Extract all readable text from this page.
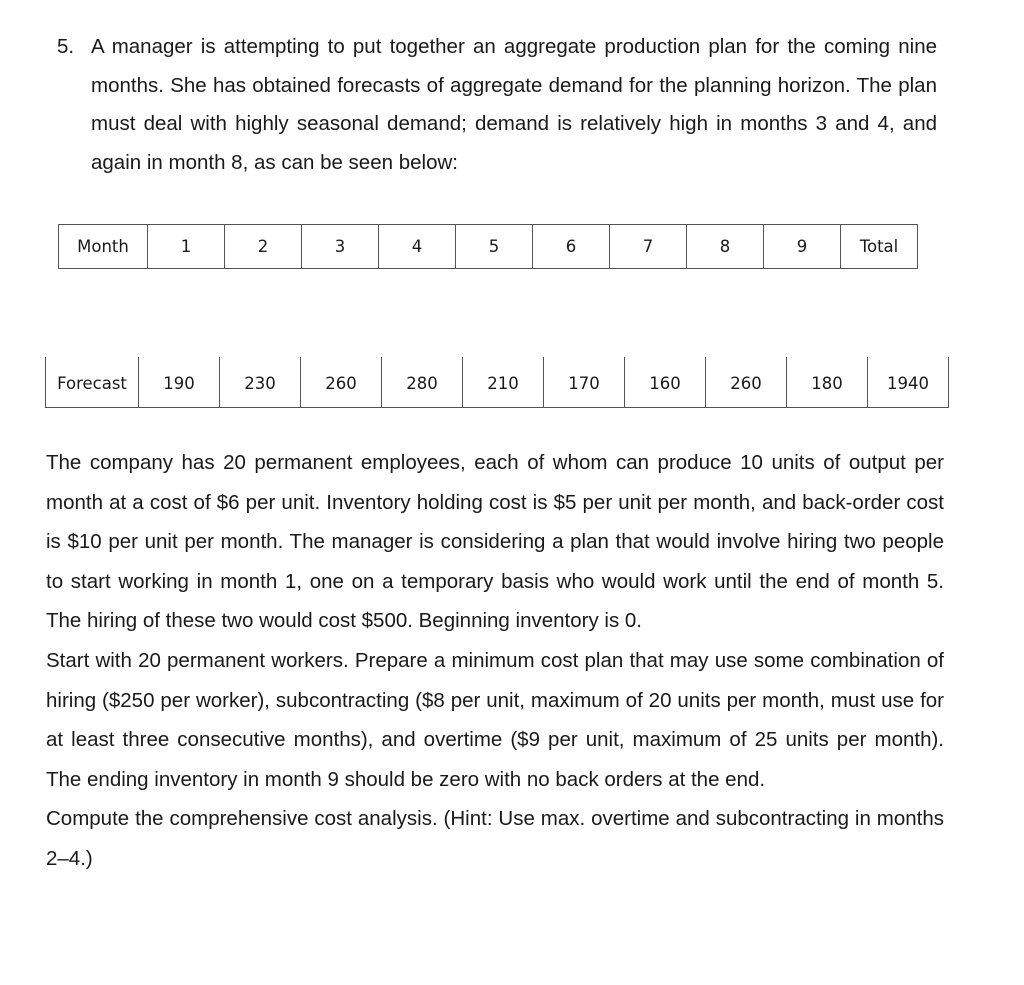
5. A manager is attempting to put together an aggregate production plan for the coming nine months. She has obtained forecasts of aggregate demand for the planning horizon. The plan must deal with highly seasonal demand; demand is relatively high in months 3 and 4, and again in month 8, as can be seen below:
Month	1	2	3	4	5	6	7	8	9	Total
Forecast	190	230	260	280	210	170	160	260	180	1940

The company has 20 permanent employees, each of whom can produce 10 units of output per month at a cost of $6 per unit. Inventory holding cost is $5 per unit per month, and back-order cost is $10 per unit per month. The manager is considering a plan that would involve hiring two people to start working in month 1, one on a temporary basis who would work until the end of month 5. The hiring of these two would cost $500. Beginning inventory is 0.

Start with 20 permanent workers. Prepare a minimum cost plan that may use some combination of hiring ($250 per worker), subcontracting ($8 per unit, maximum of 20 units per month, must use for at least three consecutive months), and overtime ($9 per unit, maximum of 25 units per month). The ending inventory in month 9 should be zero with no back orders at the end.

Compute the comprehensive cost analysis. (Hint: Use max. overtime and subcontracting in months 2–4.)
